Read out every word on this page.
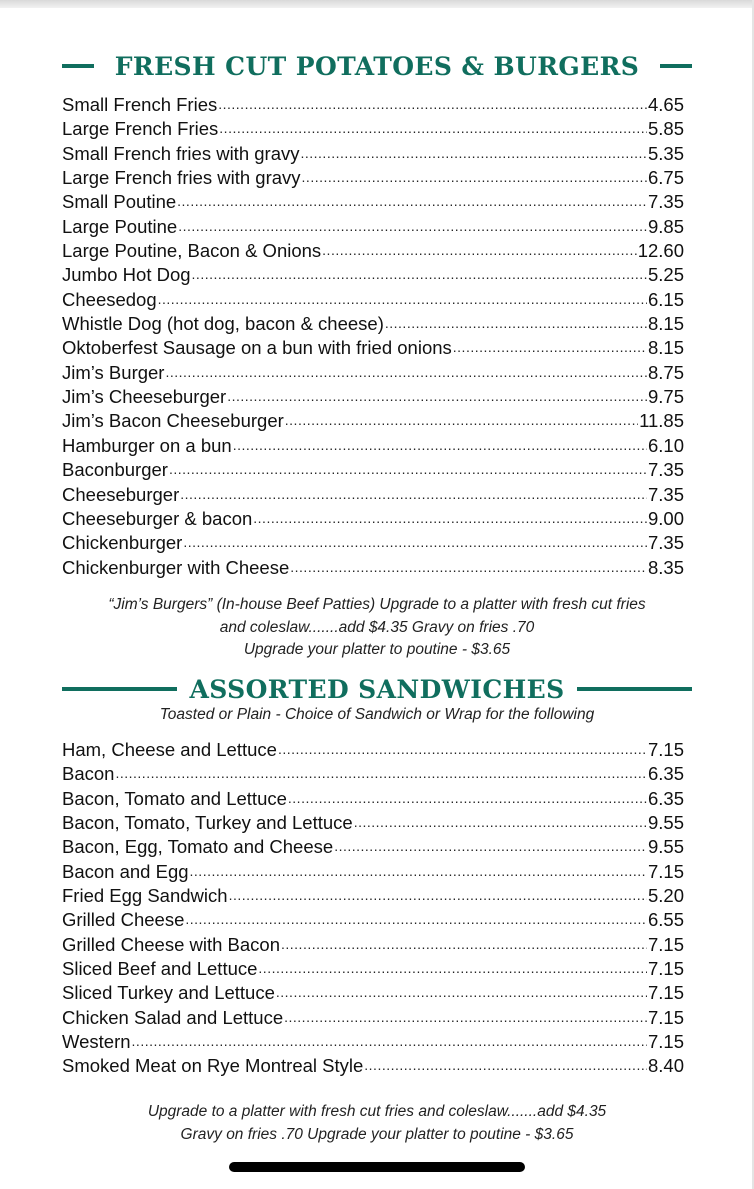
FRESH CUT POTATOES & BURGERS
Small French Fries .....	4.65
Large French Fries .....	5.85
Small French fries with gravy .....	5.35
Large French fries with gravy .....	6.75
Small Poutine .....	7.35
Large Poutine .....	9.85
Large Poutine, Bacon & Onions .....	12.60
Jumbo Hot Dog .....	5.25
Cheesedog .....	6.15
Whistle Dog (hot dog, bacon & cheese) .....	8.15
Oktoberfest Sausage on a bun with fried onions .....	8.15
Jim’s Burger .....	8.75
Jim’s Cheeseburger .....	9.75
Jim’s Bacon Cheeseburger .....	11.85
Hamburger on a bun .....	6.10
Baconburger .....	7.35
Cheeseburger .....	7.35
Cheeseburger & bacon .....	9.00
Chickenburger .....	7.35
Chickenburger with Cheese .....	8.35
“Jim’s Burgers” (In-house Beef Patties) Upgrade to a platter with fresh cut fries
and coleslaw.......add $4.35 Gravy on fries .70
Upgrade your platter to poutine - $3.65
ASSORTED SANDWICHES
Toasted or Plain - Choice of Sandwich or Wrap for the following
Ham, Cheese and Lettuce .....	7.15
Bacon .....	6.35
Bacon, Tomato and Lettuce .....	6.35
Bacon, Tomato, Turkey and Lettuce .....	9.55
Bacon, Egg, Tomato and Cheese .....	9.55
Bacon and Egg .....	7.15
Fried Egg Sandwich .....	5.20
Grilled Cheese .....	6.55
Grilled Cheese with Bacon .....	7.15
Sliced Beef and Lettuce .....	7.15
Sliced Turkey and Lettuce .....	7.15
Chicken Salad and Lettuce .....	7.15
Western .....	7.15
Smoked Meat on Rye Montreal Style .....	8.40
Upgrade to a platter with fresh cut fries and coleslaw.......add $4.35
Gravy on fries .70 Upgrade your platter to poutine - $3.65
